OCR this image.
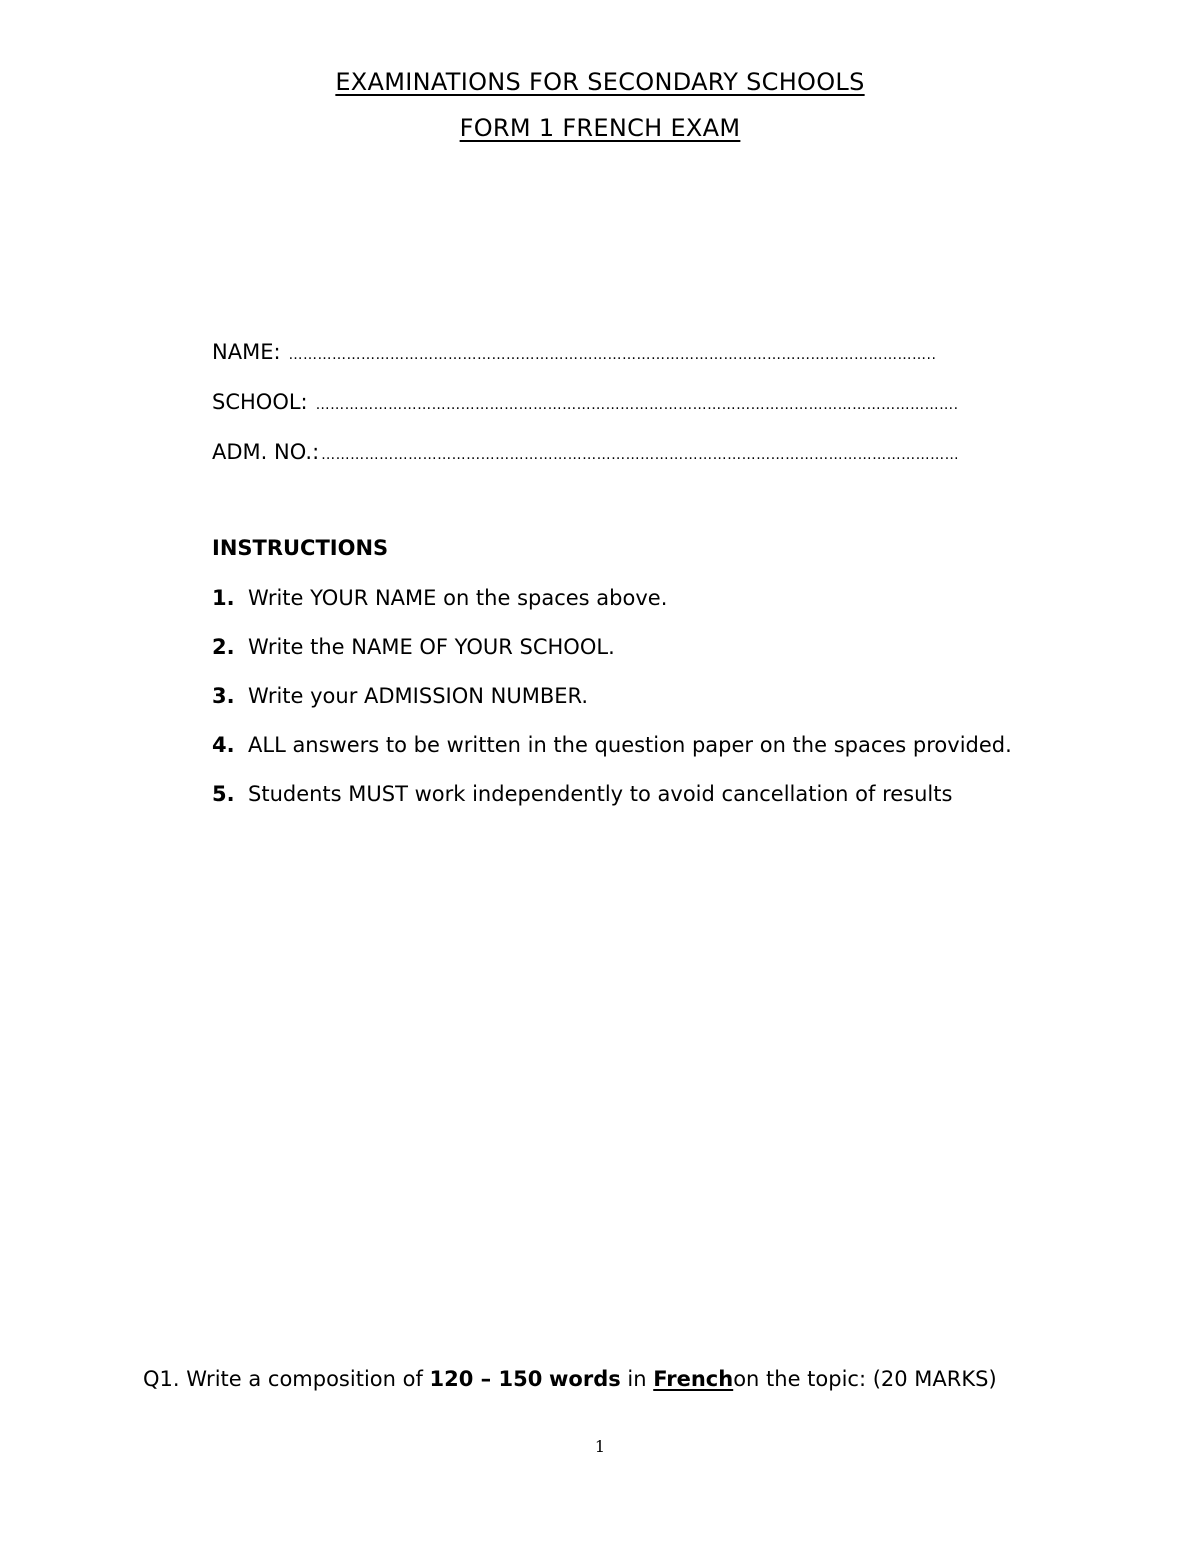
EXAMINATIONS FOR SECONDARY SCHOOLS
FORM 1 FRENCH EXAM
NAME: ……………………………………………………………………………………………………………………..
SCHOOL: …………………………………………………………………………………………………………………….
ADM. NO.: ……………………………………………………………………………………………………………………
INSTRUCTIONS
1. Write YOUR NAME on the spaces above.
2. Write the NAME OF YOUR SCHOOL.
3. Write your ADMISSION NUMBER.
4. ALL answers to be written in the question paper on the spaces provided.
5. Students MUST work independently to avoid cancellation of results
Q1. Write a composition of 120 – 150 words in Frenchon the topic: (20 MARKS)
1
